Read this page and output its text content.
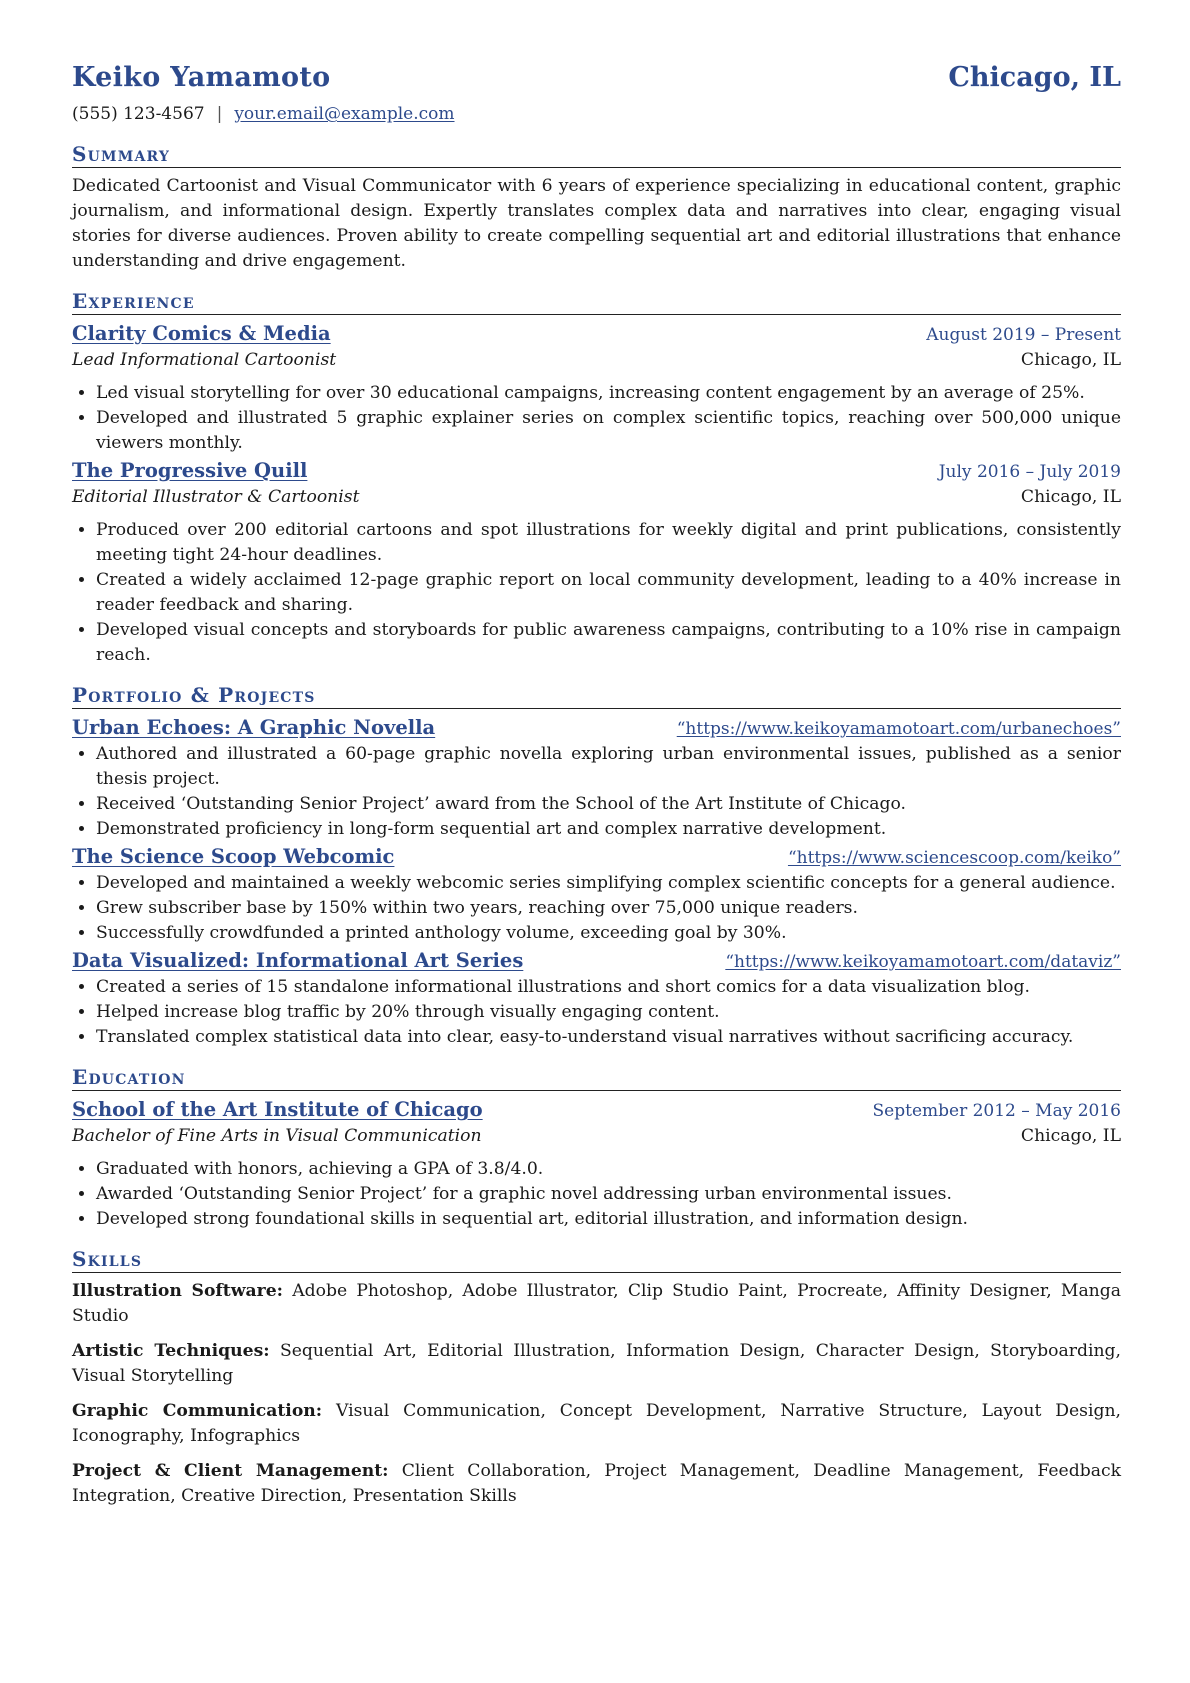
Keiko Yamamoto	Chicago, IL
(555) 123-4567 | your.email@example.com
Summary

Dedicated Cartoonist and Visual Communicator with 6 years of experience specializing in educational content, graphic journalism, and informational design. Expertly translates complex data and narratives into clear, engaging visual stories for diverse audiences. Proven ability to create compelling sequential art and editorial illustrations that enhance understanding and drive engagement.

Experience
Clarity Comics & Media	August 2019 – Present
Lead Informational Cartoonist	Chicago, IL
• Led visual storytelling for over 30 educational campaigns, increasing content engagement by an average of 25%.
• Developed and illustrated 5 graphic explainer series on complex scientific topics, reaching over 500,000 unique viewers monthly.
The Progressive Quill	July 2016 – July 2019
Editorial Illustrator & Cartoonist	Chicago, IL
• Produced over 200 editorial cartoons and spot illustrations for weekly digital and print publications, consistently meeting tight 24-hour deadlines.
• Created a widely acclaimed 12-page graphic report on local community development, leading to a 40% increase in reader feedback and sharing.
• Developed visual concepts and storyboards for public awareness campaigns, contributing to a 10% rise in campaign reach.
Portfolio & Projects
Urban Echoes: A Graphic Novella	“https://www.keikoyamamotoart.com/urbanechoes”
• Authored and illustrated a 60-page graphic novella exploring urban environmental issues, published as a senior thesis project.
• Received ‘Outstanding Senior Project’ award from the School of the Art Institute of Chicago.
• Demonstrated proficiency in long-form sequential art and complex narrative development.
The Science Scoop Webcomic	“https://www.sciencescoop.com/keiko”
• Developed and maintained a weekly webcomic series simplifying complex scientific concepts for a general audience.
• Grew subscriber base by 150% within two years, reaching over 75,000 unique readers.
• Successfully crowdfunded a printed anthology volume, exceeding goal by 30%.
Data Visualized: Informational Art Series	“https://www.keikoyamamotoart.com/dataviz”
• Created a series of 15 standalone informational illustrations and short comics for a data visualization blog.
• Helped increase blog traffic by 20% through visually engaging content.
• Translated complex statistical data into clear, easy-to-understand visual narratives without sacrificing accuracy.
Education
School of the Art Institute of Chicago	September 2012 – May 2016
Bachelor of Fine Arts in Visual Communication	Chicago, IL
• Graduated with honors, achieving a GPA of 3.8/4.0.
• Awarded ‘Outstanding Senior Project’ for a graphic novel addressing urban environmental issues.
• Developed strong foundational skills in sequential art, editorial illustration, and information design.
Skills

Illustration Software: Adobe Photoshop, Adobe Illustrator, Clip Studio Paint, Procreate, Affinity Designer, Manga Studio

Artistic Techniques: Sequential Art, Editorial Illustration, Information Design, Character Design, Storyboarding, Visual Storytelling

Graphic Communication: Visual Communication, Concept Development, Narrative Structure, Layout Design, Iconography, Infographics

Project & Client Management: Client Collaboration, Project Management, Deadline Management, Feedback Integration, Creative Direction, Presentation Skills
